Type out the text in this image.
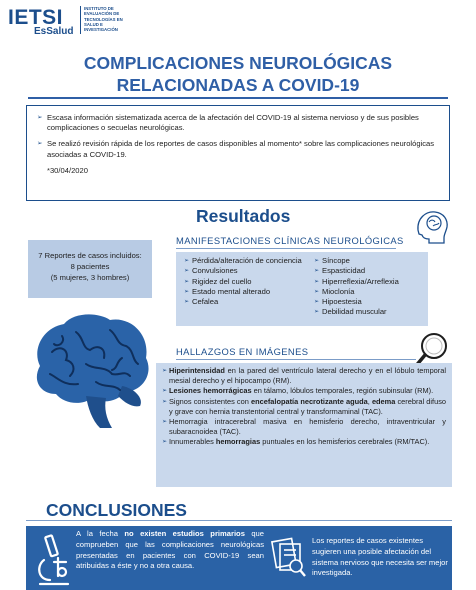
IETSI
EsSalud
INSTITUTO DE EVALUACIÓN DE TECNOLOGÍAS EN SALUD E INVESTIGACIÓN
COMPLICACIONES NEUROLÓGICAS
RELACIONADAS A COVID-19
➢ Escasa información sistematizada acerca de la afectación del COVID-19 al sistema nervioso y de sus posibles complicaciones o secuelas neurológicas.
➢ Se realizó revisión rápida de los reportes de casos disponibles al momento* sobre las complicaciones neurológicas asociadas a COVID-19.
*30/04/2020
Resultados
7 Reportes de casos incluidos:
8 pacientes
(5 mujeres, 3 hombres)
MANIFESTACIONES CLÍNICAS NEUROLÓGICAS
➢ Pérdida/alteración de conciencia
➢ Convulsiones
➢ Rigidez del cuello
➢ Estado mental alterado
➢ Cefalea
➢ Síncope
➢ Espasticidad
➢ Hiperreflexia/Arreflexia
➢ Mioclonía
➢ Hipoestesia
➢ Debilidad muscular
HALLAZGOS EN IMÁGENES
➢ Hiperintensidad en la pared del ventrículo lateral derecho y en el lóbulo temporal mesial derecho y el hipocampo (RM).
➢ Lesiones hemorrágicas en tálamo, lóbulos temporales, región subinsular (RM).
➢ Signos consistentes con encefalopatía necrotizante aguda, edema cerebral difuso y grave con hernia transtentorial central y transformaminal (TAC).
➢ Hemorragia intracerebral masiva en hemisferio derecho, intraventricular y subaracnoidea (TAC).
➢ Innumerables hemorragias puntuales en los hemisferios cerebrales (RM/TAC).
CONCLUSIONES
A la fecha no existen estudios primarios que comprueben que las complicaciones neurológicas presentadas en pacientes con COVID-19 sean atribuidas a éste y no a otra causa.
Los reportes de casos existentes sugieren una posible afectación del sistema nervioso que necesita ser mejor investigada.
